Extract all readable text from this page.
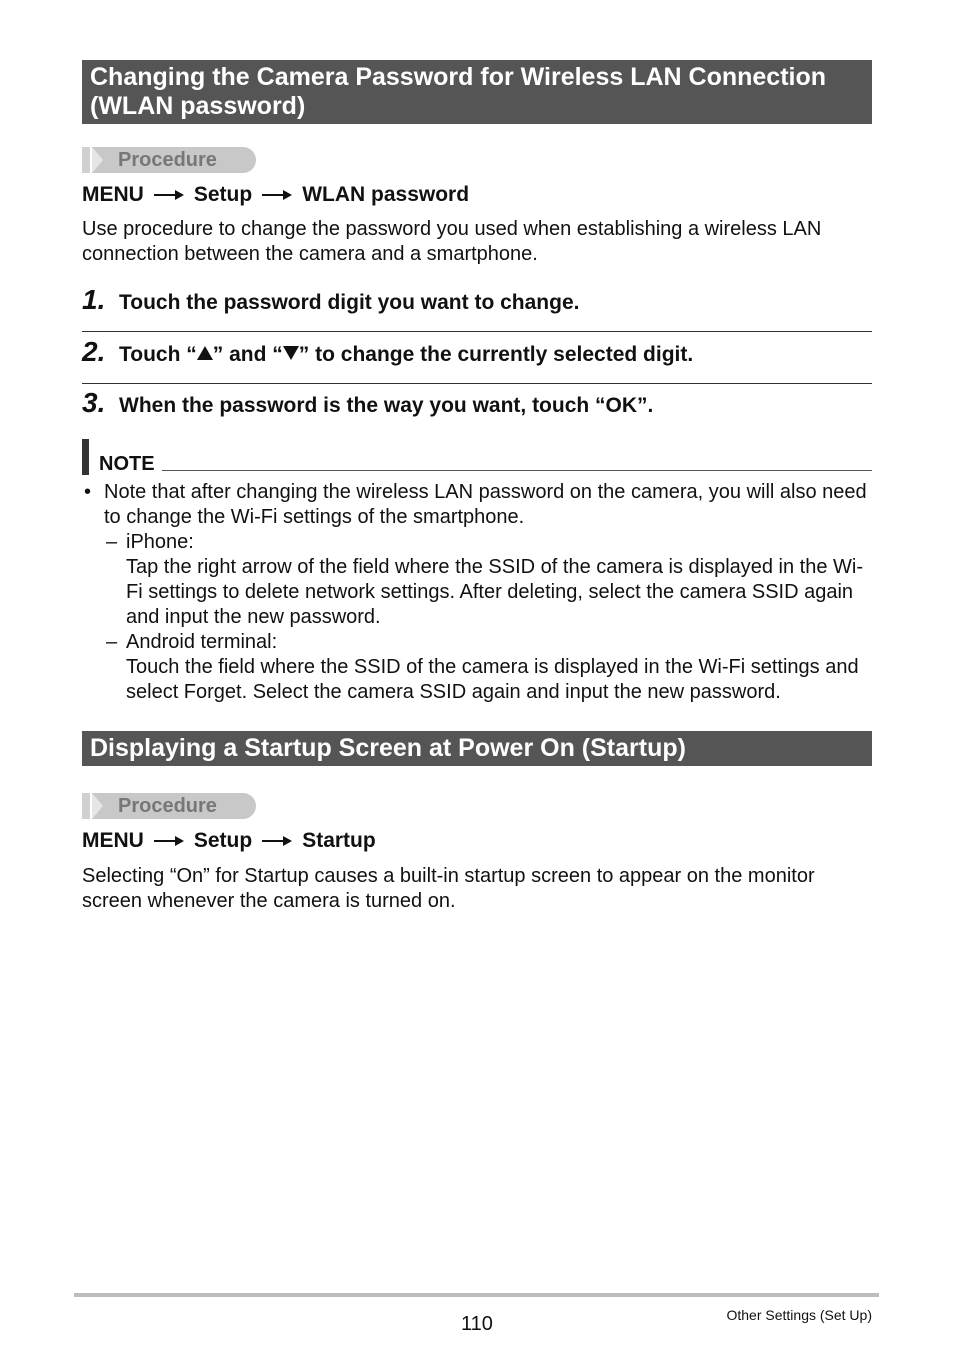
Changing the Camera Password for Wireless LAN Connection
(WLAN password)
Procedure
MENU Setup WLAN password
Use procedure to change the password you used when establishing a wireless LAN connection between the camera and a smartphone.
1. Touch the password digit you want to change.
2. Touch “ ” and “ ” to change the currently selected digit.
3. When the password is the way you want, touch “OK”.
NOTE
• Note that after changing the wireless LAN password on the camera, you will also need to change the Wi-Fi settings of the smartphone.
– iPhone:
Tap the right arrow of the field where the SSID of the camera is displayed in the Wi-Fi settings to delete network settings. After deleting, select the camera SSID again and input the new password.
– Android terminal:
Touch the field where the SSID of the camera is displayed in the Wi-Fi settings and select Forget. Select the camera SSID again and input the new password.
Displaying a Startup Screen at Power On (Startup)
Procedure
MENU Setup Startup
Selecting “On” for Startup causes a built-in startup screen to appear on the monitor screen whenever the camera is turned on.
110	Other Settings (Set Up)
